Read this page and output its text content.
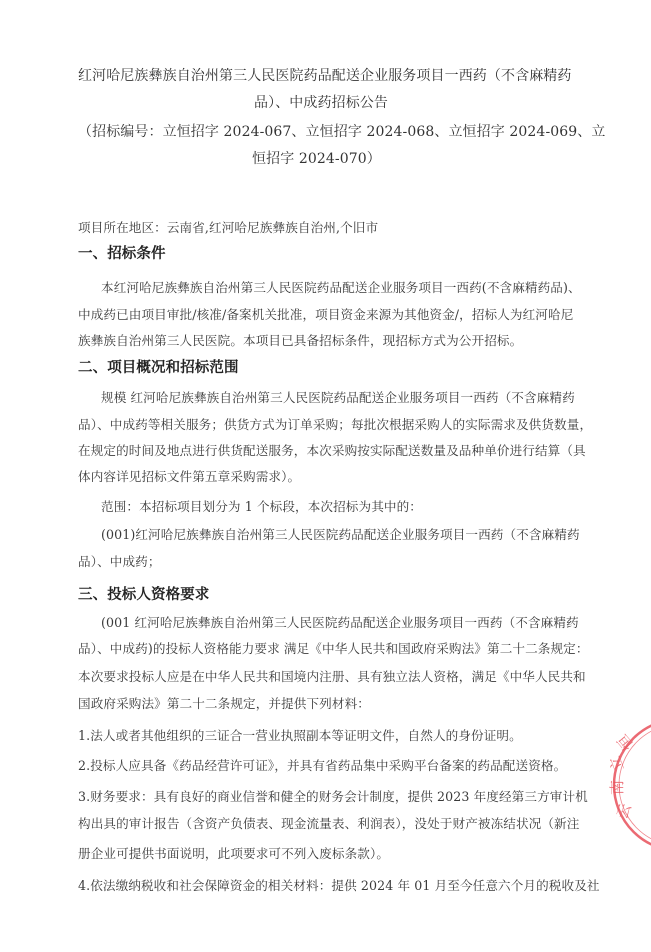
红河哈尼族彝族自治州第三人民医院药品配送企业服务项目一西药（不含麻精药
品）、中成药招标公告
（招标编号：立恒招字 2024-067、立恒招字 2024-068、立恒招字 2024-069、立
恒招字 2024-070）
项目所在地区：云南省,红河哈尼族彝族自治州,个旧市
一、招标条件
本红河哈尼族彝族自治州第三人民医院药品配送企业服务项目一西药(不含麻精药品)、
中成药已由项目审批/核准/备案机关批准，项目资金来源为其他资金/，招标人为红河哈尼
族彝族自治州第三人民医院。本项目已具备招标条件，现招标方式为公开招标。
二、项目概况和招标范围
规模 红河哈尼族彝族自治州第三人民医院药品配送企业服务项目一西药（不含麻精药
品）、中成药等相关服务；供货方式为订单采购；每批次根据采购人的实际需求及供货数量，
在规定的时间及地点进行供货配送服务，本次采购按实际配送数量及品种单价进行结算（具
体内容详见招标文件第五章采购需求）。
范围：本招标项目划分为 1 个标段，本次招标为其中的：
(001)红河哈尼族彝族自治州第三人民医院药品配送企业服务项目一西药（不含麻精药
品）、中成药；
三、投标人资格要求
(001 红河哈尼族彝族自治州第三人民医院药品配送企业服务项目一西药（不含麻精药
品）、中成药)的投标人资格能力要求 满足《中华人民共和国政府采购法》第二十二条规定：
本次要求投标人应是在中华人民共和国境内注册、具有独立法人资格，满足《中华人民共和
国政府采购法》第二十二条规定，并提供下列材料：
1.法人或者其他组织的三证合一营业执照副本等证明文件，自然人的身份证明。
2.投标人应具备《药品经营许可证》，并具有省药品集中采购平台备案的药品配送资格。
3.财务要求：具有良好的商业信誉和健全的财务会计制度，提供 2023 年度经第三方审计机
构出具的审计报告（含资产负债表、现金流量表、利润表），没处于财产被冻结状况（新注
册企业可提供书面说明，此项要求可不列入废标条款）。
4.依法缴纳税收和社会保障资金的相关材料：提供 2024 年 01 月至今任意六个月的税收及社
云
南
立
恒
